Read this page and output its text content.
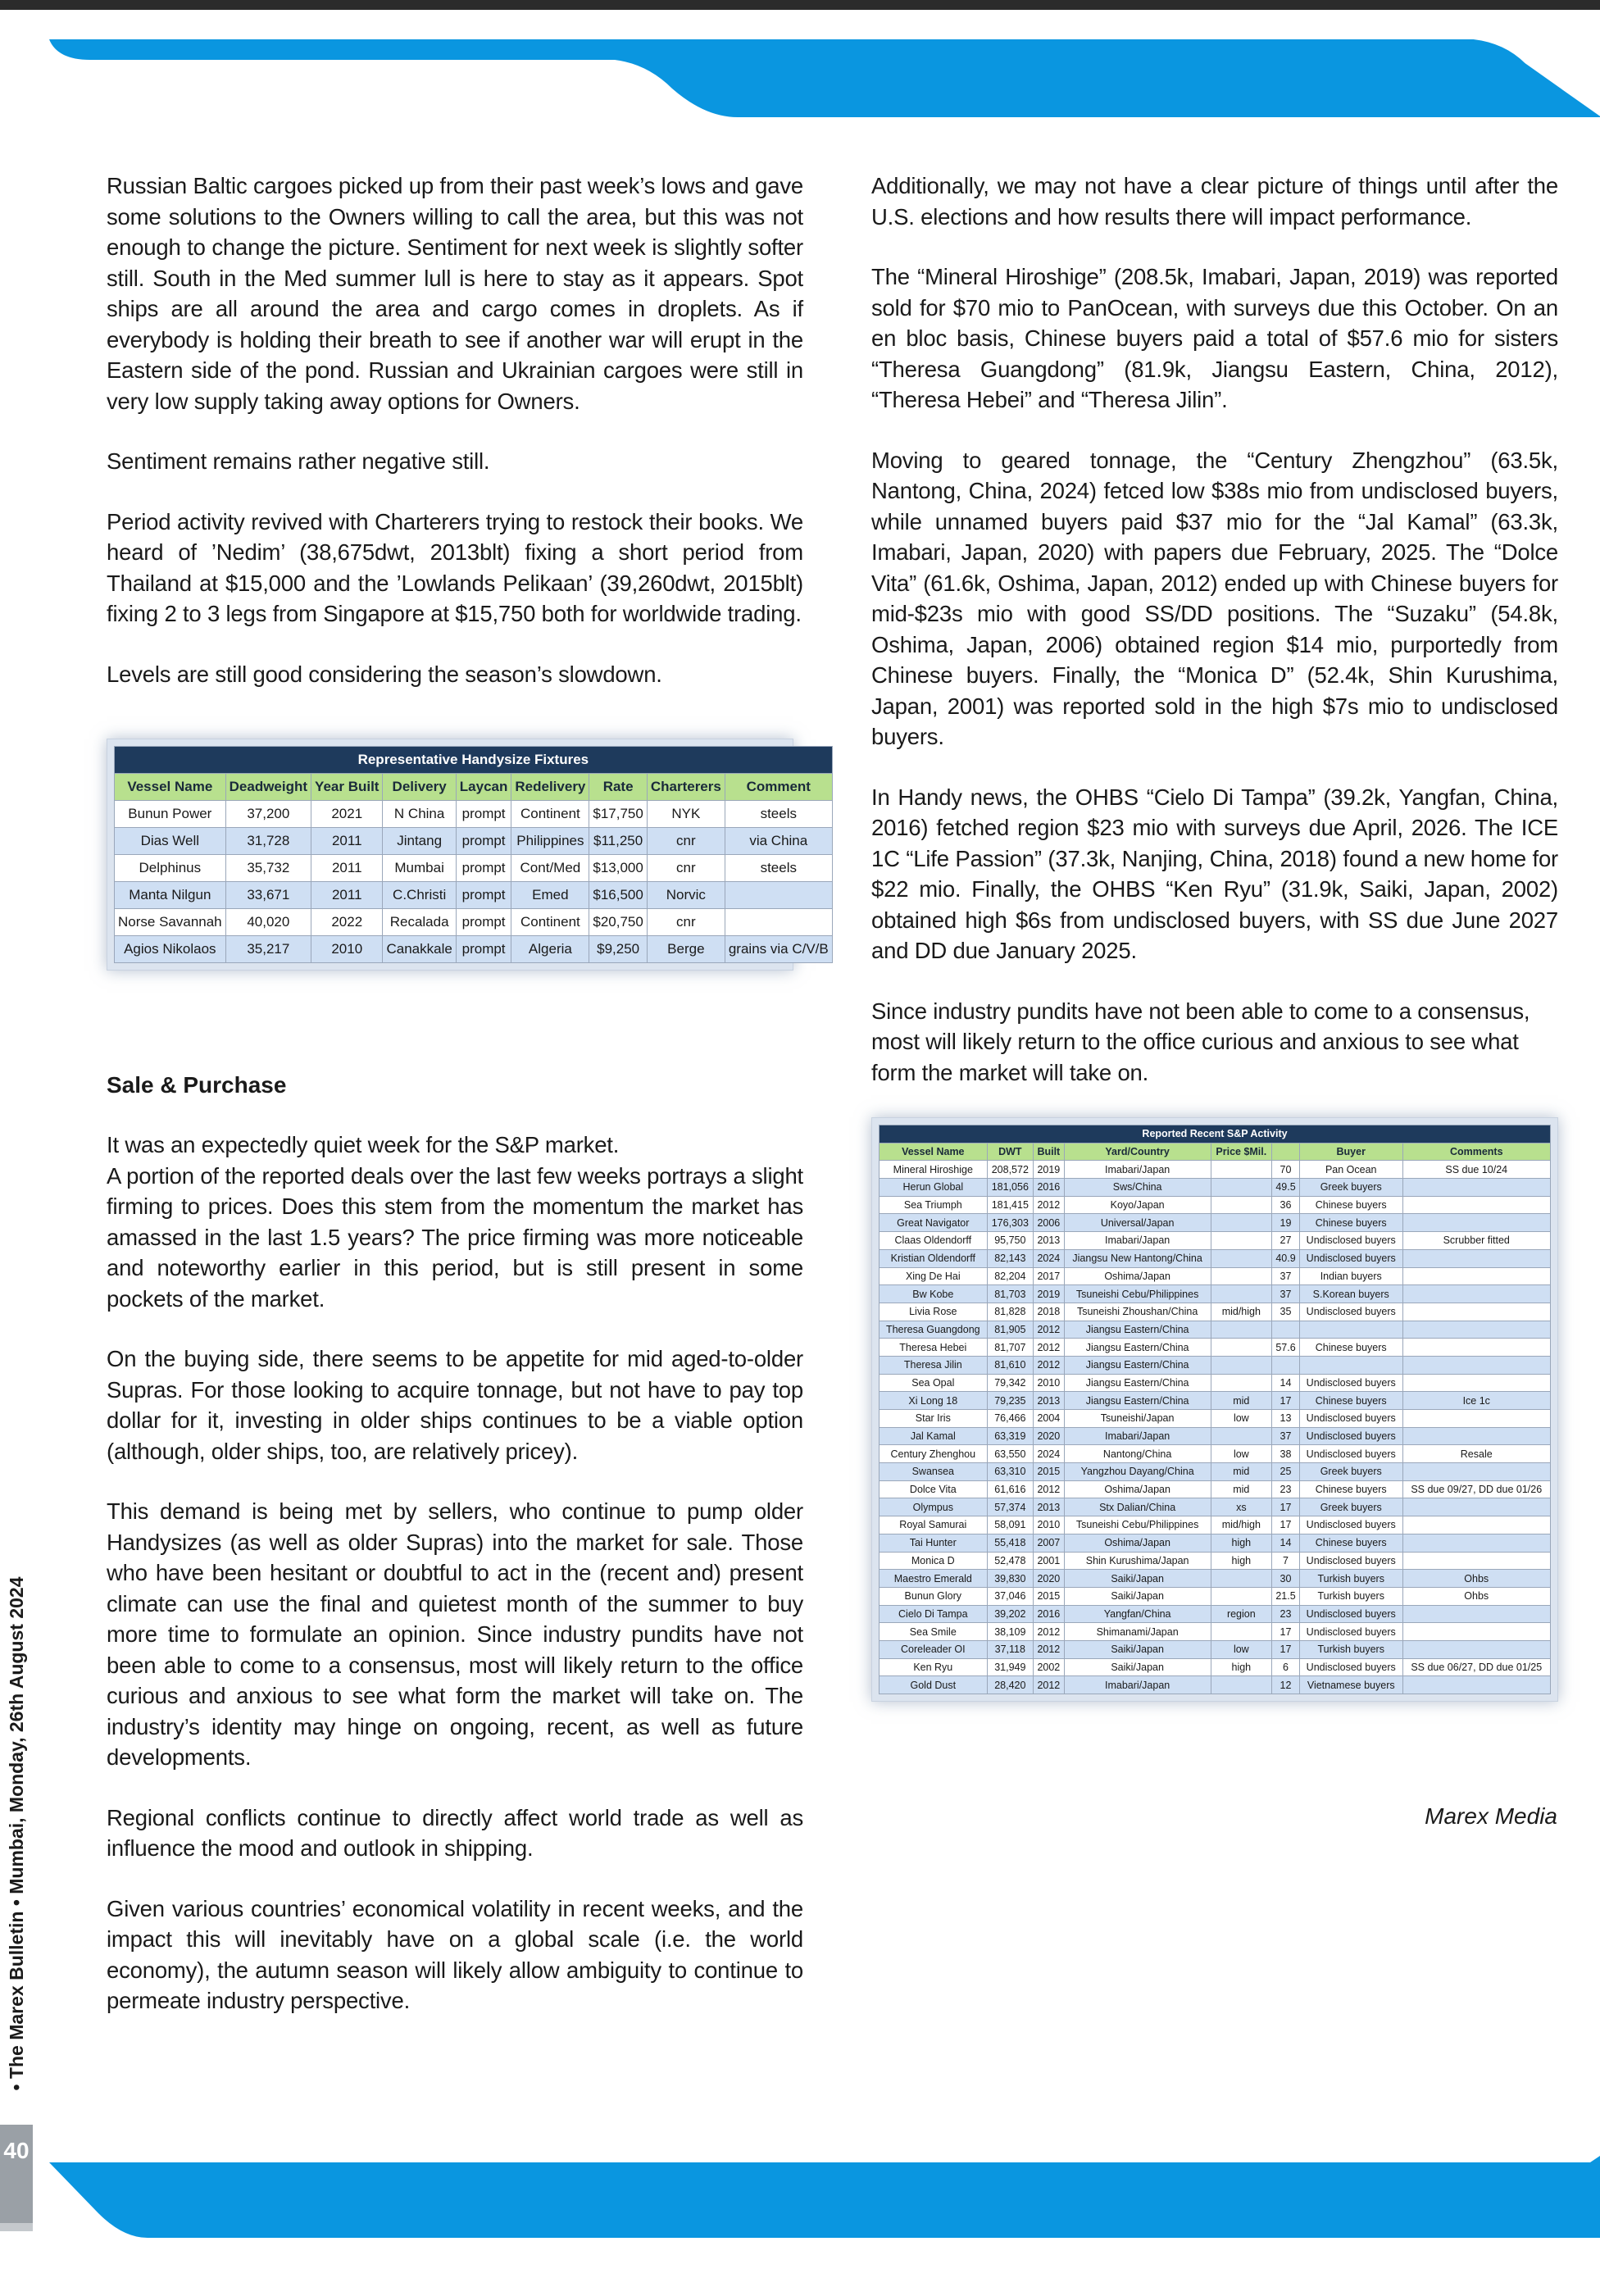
• The Marex Bulletin • Mumbai, Monday, 26th August 2024
40

Russian Baltic cargoes picked up from their past week’s lows and gave some solutions to the Owners willing to call the area, but this was not enough to change the picture. Sentiment for next week is slightly softer still. South in the Med summer lull is here to stay as it appears. Spot ships are all around the area and cargo comes in droplets. As if everybody is holding their breath to see if another war will erupt in the Eastern side of the pond. Russian and Ukrainian cargoes were still in very low supply taking away options for Owners.

Sentiment remains rather negative still.

Period activity revived with Charterers trying to restock their books. We heard of ’Nedim’ (38,675dwt, 2013blt) fixing a short period from Thailand at $15,000 and the ’Lowlands Pelikaan’ (39,260dwt, 2015blt) fixing 2 to 3 legs from Singapore at $15,750 both for worldwide trading.

Levels are still good considering the season’s slowdown.

Representative Handysize Fixtures								
Vessel Name	Deadweight	Year Built	Delivery	Laycan	Redelivery	Rate	Charterers	Comment
Bunun Power	37,200	2021	N China	prompt	Continent	$17,750	NYK	steels
Dias Well	31,728	2011	Jintang	prompt	Philippines	$11,250	cnr	via China
Delphinus	35,732	2011	Mumbai	prompt	Cont/Med	$13,000	cnr	steels
Manta Nilgun	33,671	2011	C.Christi	prompt	Emed	$16,500	Norvic	
Norse Savannah	40,020	2022	Recalada	prompt	Continent	$20,750	cnr	
Agios Nikolaos	35,217	2010	Canakkale	prompt	Algeria	$9,250	Berge	grains via C/V/B
Sale & Purchase

It was an expectedly quiet week for the S&P market.

A portion of the reported deals over the last few weeks portrays a slight firming to prices. Does this stem from the momentum the market has amassed in the last 1.5 years? The price firming was more noticeable and noteworthy earlier in this period, but is still present in some pockets of the market.

On the buying side, there seems to be appetite for mid aged-to-older Supras. For those looking to acquire tonnage, but not have to pay top dollar for it, investing in older ships continues to be a viable option (although, older ships, too, are relatively pricey).

This demand is being met by sellers, who continue to pump older Handysizes (as well as older Supras) into the market for sale. Those who have been hesitant or doubtful to act in the (recent and) present climate can use the final and quietest month of the summer to buy more time to formulate an opinion. Since industry pundits have not been able to come to a consensus, most will likely return to the office curious and anxious to see what form the market will take on. The industry’s identity may hinge on ongoing, recent, as well as future developments.

Regional conflicts continue to directly affect world trade as well as influence the mood and outlook in shipping.

Given various countries’ economical volatility in recent weeks, and the impact this will inevitably have on a global scale (i.e. the world economy), the autumn season will likely allow ambiguity to continue to permeate industry perspective.

Additionally, we may not have a clear picture of things until after the U.S. elections and how results there will impact performance.

The “Mineral Hiroshige” (208.5k, Imabari, Japan, 2019) was reported sold for $70 mio to PanOcean, with surveys due this October. On an en bloc basis, Chinese buyers paid a total of $57.6 mio for sisters “Theresa Guangdong” (81.9k, Jiangsu Eastern, China, 2012), “Theresa Hebei” and “Theresa Jilin”.

Moving to geared tonnage, the “Century Zhengzhou” (63.5k, Nantong, China, 2024) fetced low $38s mio from undisclosed buyers, while unnamed buyers paid $37 mio for the “Jal Kamal” (63.3k, Imabari, Japan, 2020) with papers due February, 2025. The “Dolce Vita” (61.6k, Oshima, Japan, 2012) ended up with Chinese buyers for mid-$23s mio with good SS/DD positions. The “Suzaku” (54.8k, Oshima, Japan, 2006) obtained region $14 mio, purportedly from Chinese buyers. Finally, the “Monica D” (52.4k, Shin Kurushima, Japan, 2001) was reported sold in the high $7s mio to undisclosed buyers.

In Handy news, the OHBS “Cielo Di Tampa” (39.2k, Yangfan, China, 2016) fetched region $23 mio with surveys due April, 2026. The ICE 1C “Life Passion” (37.3k, Nanjing, China, 2018) found a new home for $22 mio. Finally, the OHBS “Ken Ryu” (31.9k, Saiki, Japan, 2002) obtained high $6s from undisclosed buyers, with SS due June 2027 and DD due January 2025.

Since industry pundits have not been able to come to a consensus, most will likely return to the office curious and anxious to see what form the market will take on.

Reported Recent S&P Activity							
Vessel Name	DWT	Built	Yard/Country	Price $Mil.		Buyer	Comments
Mineral Hiroshige	208,572	2019	Imabari/Japan		70	Pan Ocean	SS due 10/24
Herun Global	181,056	2016	Sws/China		49.5	Greek buyers	
Sea Triumph	181,415	2012	Koyo/Japan		36	Chinese buyers	
Great Navigator	176,303	2006	Universal/Japan		19	Chinese buyers	
Claas Oldendorff	95,750	2013	Imabari/Japan		27	Undisclosed buyers	Scrubber fitted
Kristian Oldendorff	82,143	2024	Jiangsu New Hantong/China		40.9	Undisclosed buyers	
Xing De Hai	82,204	2017	Oshima/Japan		37	Indian buyers	
Bw Kobe	81,703	2019	Tsuneishi Cebu/Philippines		37	S.Korean buyers	
Livia Rose	81,828	2018	Tsuneishi Zhoushan/China	mid/high	35	Undisclosed buyers	
Theresa Guangdong	81,905	2012	Jiangsu Eastern/China				
Theresa Hebei	81,707	2012	Jiangsu Eastern/China		57.6	Chinese buyers	
Theresa Jilin	81,610	2012	Jiangsu Eastern/China				
Sea Opal	79,342	2010	Jiangsu Eastern/China		14	Undisclosed buyers	
Xi Long 18	79,235	2013	Jiangsu Eastern/China	mid	17	Chinese buyers	Ice 1c
Star Iris	76,466	2004	Tsuneishi/Japan	low	13	Undisclosed buyers	
Jal Kamal	63,319	2020	Imabari/Japan		37	Undisclosed buyers	
Century Zhenghou	63,550	2024	Nantong/China	low	38	Undisclosed buyers	Resale
Swansea	63,310	2015	Yangzhou Dayang/China	mid	25	Greek buyers	
Dolce Vita	61,616	2012	Oshima/Japan	mid	23	Chinese buyers	SS due 09/27, DD due 01/26
Olympus	57,374	2013	Stx Dalian/China	xs	17	Greek buyers	
Royal Samurai	58,091	2010	Tsuneishi Cebu/Philippines	mid/high	17	Undisclosed buyers	
Tai Hunter	55,418	2007	Oshima/Japan	high	14	Chinese buyers	
Monica D	52,478	2001	Shin Kurushima/Japan	high	7	Undisclosed buyers	
Maestro Emerald	39,830	2020	Saiki/Japan		30	Turkish buyers	Ohbs
Bunun Glory	37,046	2015	Saiki/Japan		21.5	Turkish buyers	Ohbs
Cielo Di Tampa	39,202	2016	Yangfan/China	region	23	Undisclosed buyers	
Sea Smile	38,109	2012	Shimanami/Japan		17	Undisclosed buyers	
Coreleader OI	37,118	2012	Saiki/Japan	low	17	Turkish buyers	
Ken Ryu	31,949	2002	Saiki/Japan	high	6	Undisclosed buyers	SS due 06/27, DD due 01/25
Gold Dust	28,420	2012	Imabari/Japan		12	Vietnamese buyers	
Marex Media
